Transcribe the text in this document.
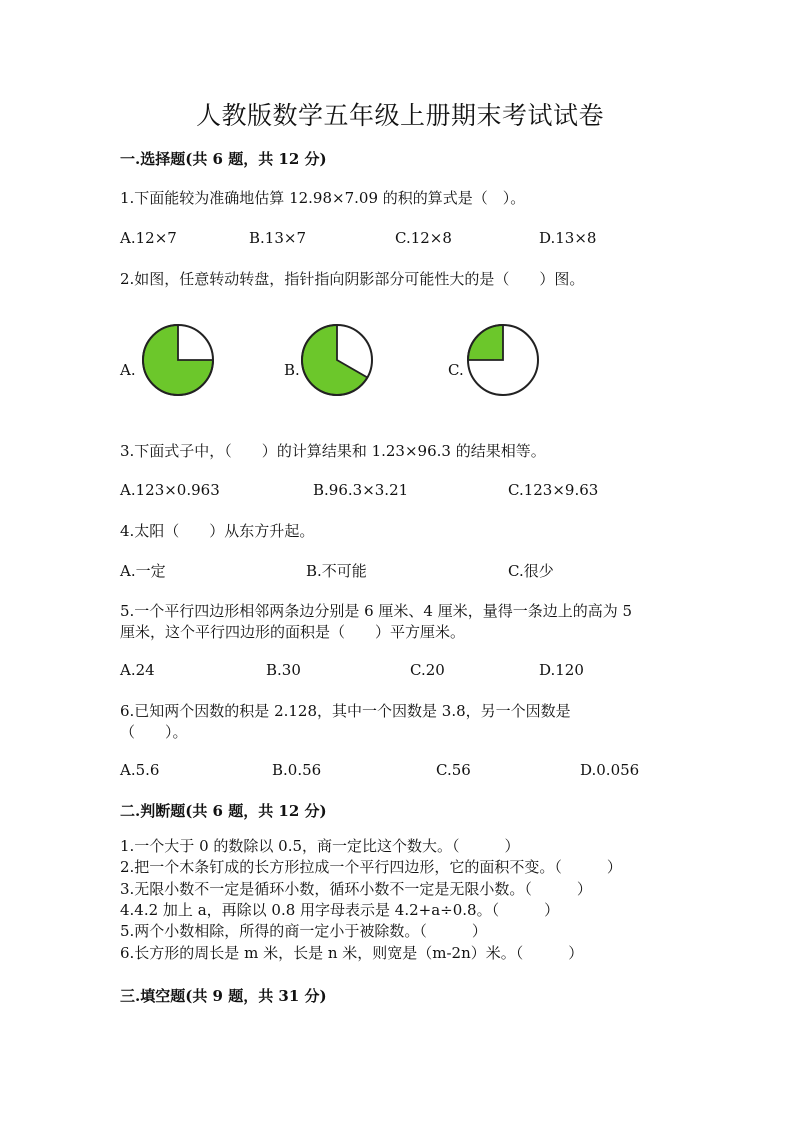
人教版数学五年级上册期末考试试卷
一.选择题(共 6 题，共 12 分)
1.下面能较为准确地估算 12.98×7.09 的积的算式是（　）。
A.12×7	B.13×7	C.12×8	D.13×8
2.如图，任意转动转盘，指针指向阴影部分可能性大的是（　　）图。
A.	B.	C.
3.下面式子中，（　　）的计算结果和 1.23×96.3 的结果相等。
A.123×0.963	B.96.3×3.21	C.123×9.63
4.太阳（　　）从东方升起。
A.一定	B.不可能	C.很少
5.一个平行四边形相邻两条边分别是 6 厘米、4 厘米，量得一条边上的高为 5
厘米，这个平行四边形的面积是（　　）平方厘米。
A.24	B.30	C.20	D.120
6.已知两个因数的积是 2.128，其中一个因数是 3.8，另一个因数是
（　　）。
A.5.6	B.0.56	C.56	D.0.056
二.判断题(共 6 题，共 12 分)
1.一个大于 0 的数除以 0.5，商一定比这个数大。（　　　）
2.把一个木条钉成的长方形拉成一个平行四边形，它的面积不变。（　　　）
3.无限小数不一定是循环小数，循环小数不一定是无限小数。（　　　）
4.4.2 加上 a，再除以 0.8 用字母表示是 4.2+a÷0.8。（　　　）
5.两个小数相除，所得的商一定小于被除数。（　　　）
6.长方形的周长是 m 米，长是 n 米，则宽是（m-2n）米。（　　　）
三.填空题(共 9 题，共 31 分)
